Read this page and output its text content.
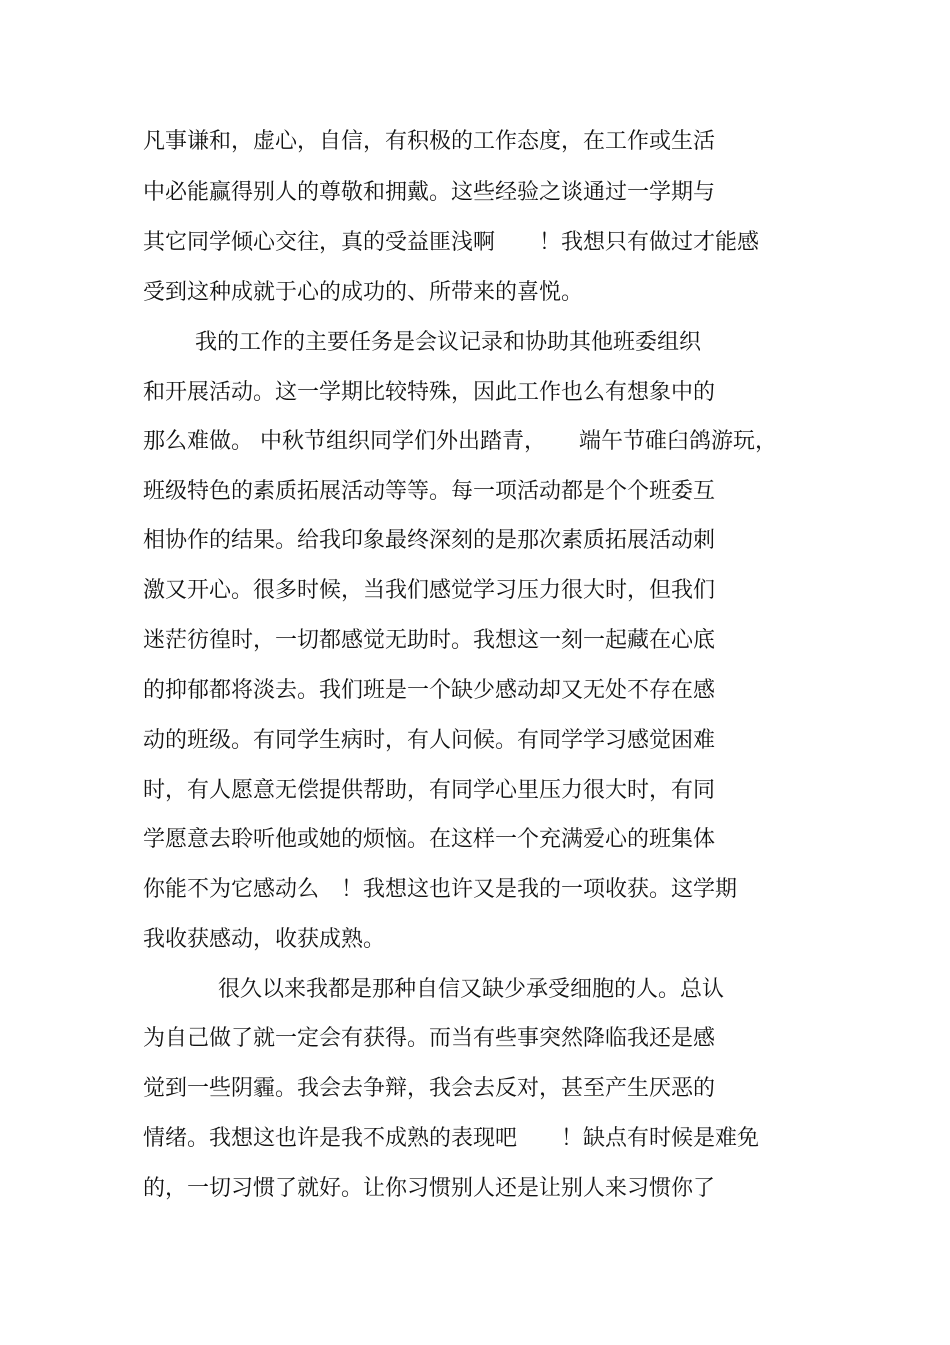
凡事谦和，虚心，自信，有积极的工作态度，在工作或生活
中必能赢得别人的尊敬和拥戴。这些经验之谈通过一学期与
其它同学倾心交往，真的受益匪浅啊　　！我想只有做过才能感
受到这种成就于心的成功的、所带来的喜悦。
我的工作的主要任务是会议记录和协助其他班委组织
和开展活动。这一学期比较特殊，因此工作也么有想象中的
那么难做。 中秋节组织同学们外出踏青，　　端午节碓臼鸽游玩，
班级特色的素质拓展活动等等。每一项活动都是个个班委互
相协作的结果。给我印象最终深刻的是那次素质拓展活动刺
激又开心。很多时候，当我们感觉学习压力很大时，但我们
迷茫彷徨时，一切都感觉无助时。我想这一刻一起藏在心底
的抑郁都将淡去。我们班是一个缺少感动却又无处不存在感
动的班级。有同学生病时，有人问候。有同学学习感觉困难
时，有人愿意无偿提供帮助，有同学心里压力很大时，有同
学愿意去聆听他或她的烦恼。在这样一个充满爱心的班集体
你能不为它感动么　！我想这也许又是我的一项收获。这学期
我收获感动，收获成熟。
很久以来我都是那种自信又缺少承受细胞的人。总认
为自己做了就一定会有获得。而当有些事突然降临我还是感
觉到一些阴霾。我会去争辩，我会去反对，甚至产生厌恶的
情绪。我想这也许是我不成熟的表现吧　　！缺点有时候是难免
的，一切习惯了就好。让你习惯别人还是让别人来习惯你了
